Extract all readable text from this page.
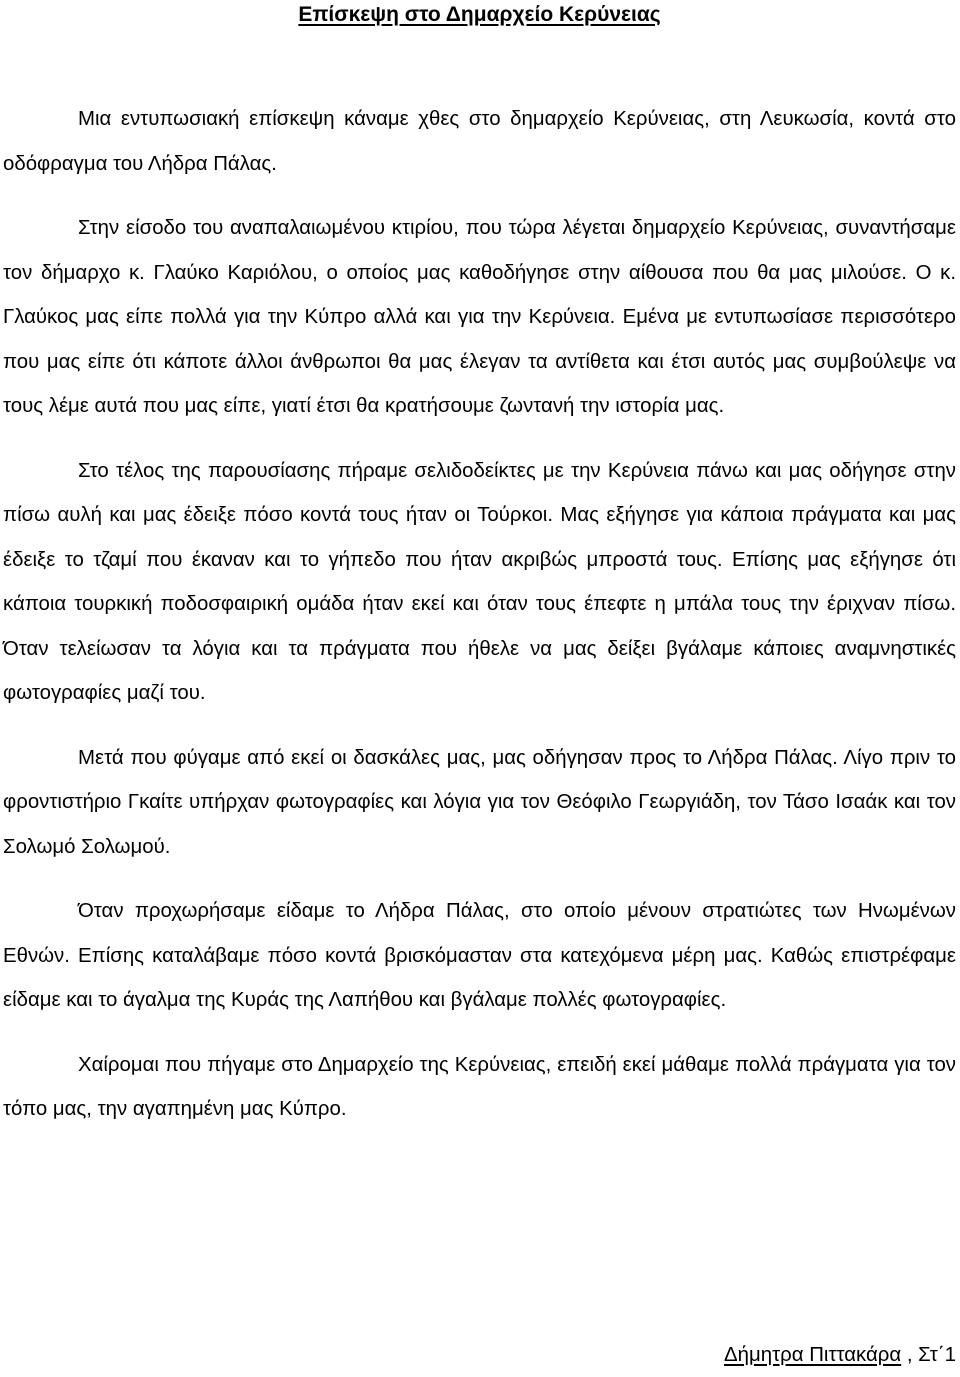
Επίσκεψη στο Δημαρχείο Κερύνειας

Μια εντυπωσιακή επίσκεψη κάναμε χθες στο δημαρχείο Κερύνειας, στη Λευκωσία, κοντά στο οδόφραγμα του Λήδρα Πάλας.

Στην είσοδο του αναπαλαιωμένου κτιρίου, που τώρα λέγεται δημαρχείο Κερύνειας, συναντήσαμε τον δήμαρχο κ. Γλαύκο Καριόλου, ο οποίος μας καθοδήγησε στην αίθουσα που θα μας μιλούσε. Ο κ. Γλαύκος μας είπε πολλά για την Κύπρο αλλά και για την Κερύνεια. Εμένα με εντυπωσίασε περισσότερο που μας είπε ότι κάποτε άλλοι άνθρωποι θα μας έλεγαν τα αντίθετα και έτσι αυτός μας συμβούλεψε να τους λέμε αυτά που μας είπε, γιατί έτσι θα κρατήσουμε ζωντανή την ιστορία μας.

Στο τέλος της παρουσίασης πήραμε σελιδοδείκτες με την Κερύνεια πάνω και μας οδήγησε στην πίσω αυλή και μας έδειξε πόσο κοντά τους ήταν οι Τούρκοι. Μας εξήγησε για κάποια πράγματα και μας έδειξε το τζαμί που έκαναν και το γήπεδο που ήταν ακριβώς μπροστά τους. Επίσης μας εξήγησε ότι κάποια τουρκική ποδοσφαιρική ομάδα ήταν εκεί και όταν τους έπεφτε η μπάλα τους την έριχναν πίσω. Όταν τελείωσαν τα λόγια και τα πράγματα που ήθελε να μας δείξει βγάλαμε κάποιες αναμνηστικές φωτογραφίες μαζί του.

Μετά που φύγαμε από εκεί οι δασκάλες μας, μας οδήγησαν προς το Λήδρα Πάλας. Λίγο πριν το φροντιστήριο Γκαίτε υπήρχαν φωτογραφίες και λόγια για τον Θεόφιλο Γεωργιάδη, τον Τάσο Ισαάκ και τον Σολωμό Σολωμού.

Όταν προχωρήσαμε είδαμε το Λήδρα Πάλας, στο οποίο μένουν στρατιώτες των Ηνωμένων Εθνών. Επίσης καταλάβαμε πόσο κοντά βρισκόμασταν στα κατεχόμενα μέρη μας. Καθώς επιστρέφαμε είδαμε και το άγαλμα της Κυράς της Λαπήθου και βγάλαμε πολλές φωτογραφίες.

Χαίρομαι που πήγαμε στο Δημαρχείο της Κερύνειας, επειδή εκεί μάθαμε πολλά πράγματα για τον τόπο μας, την αγαπημένη μας Κύπρο.

Δήμητρα Πιττακάρα , Στ΄1
